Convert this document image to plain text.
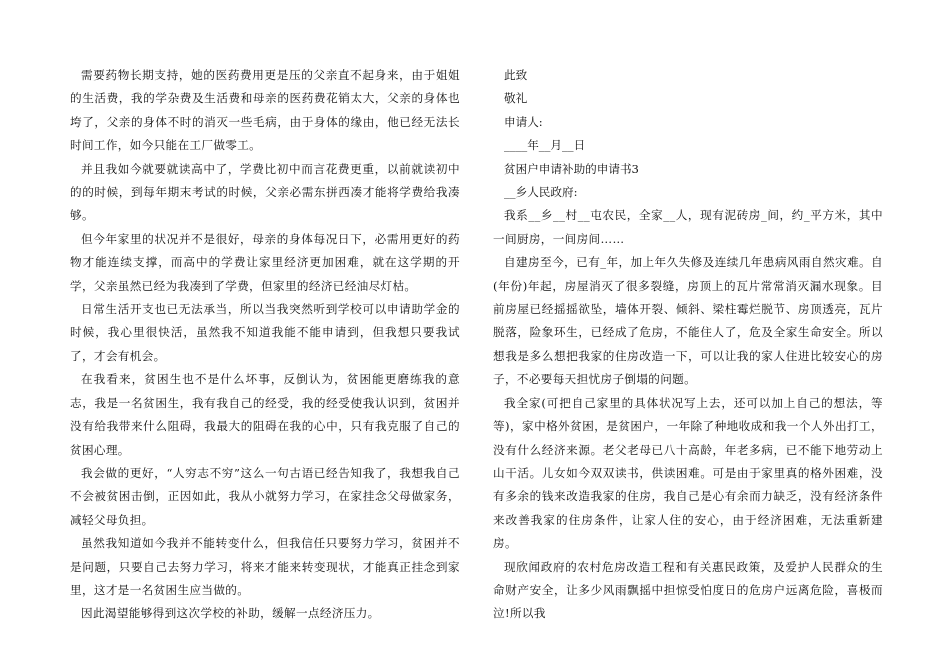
需要药物长期支持，她的医药费用更是压的父亲直不起身来，由于姐姐的生活费，我的学杂费及生活费和母亲的医药费花销太大，父亲的身体也垮了，父亲的身体不时的消灭一些毛病，由于身体的缘由，他已经无法长时间工作，如今只能在工厂做零工。

并且我如今就要就读高中了，学费比初中而言花费更重，以前就读初中的的时候，到每年期末考试的时候，父亲必需东拼西凑才能将学费给我凑够。

但今年家里的状况并不是很好，母亲的身体每况日下，必需用更好的药物才能连续支撑，而高中的学费让家里经济更加困难，就在这学期的开学，父亲虽然已经为我凑到了学费，但家里的经济已经油尽灯枯。

日常生活开支也已无法承当，所以当我突然听到学校可以申请助学金的时候，我心里很快活，虽然我不知道我能不能申请到，但我想只要我试了，才会有机会。

在我看来，贫困生也不是什么坏事，反倒认为，贫困能更磨练我的意志，我是一名贫困生，我有我自己的经受，我的经受使我认识到，贫困并没有给我带来什么阻碍，我最大的阻碍在我的心中，只有我克服了自己的贫困心理。

我会做的更好，“人穷志不穷”这么一句古语已经告知我了，我想我自己不会被贫困击倒，正因如此，我从小就努力学习，在家挂念父母做家务，减轻父母负担。

虽然我知道如今我并不能转变什么，但我信任只要努力学习，贫困并不是问题，只要自己去努力学习，将来才能来转变现状，才能真正挂念到家里，这才是一名贫困生应当做的。

因此渴望能够得到这次学校的补助，缓解一点经济压力。

此致

敬礼

申请人:

____年__月__日

贫困户申请补助的申请书3

__乡人民政府:

我系__乡__村__屯农民，全家__人，现有泥砖房_间，约_平方米，其中一间厨房，一间房间……

自建房至今，已有_年，加上年久失修及连续几年患病风雨自然灾难。自(年份)年起，房屋消灭了很多裂缝，房顶上的瓦片常常消灭漏水现象。目前房屋已经摇摇欲坠，墙体开裂、倾斜、梁柱霉烂脱节、房顶透亮，瓦片脱落，险象环生，已经成了危房，不能住人了，危及全家生命安全。所以想我是多么想把我家的住房改造一下，可以让我的家人住进比较安心的房子，不必要每天担忧房子倒塌的问题。

我全家(可把自己家里的具体状况写上去，还可以加上自己的想法，等等)，家中格外贫困，是贫困户，一年除了种地收成和我一个人外出打工，没有什么经济来源。老父老母已八十高龄，年老多病，已不能下地劳动上山干活。儿女如今双双读书，供读困难。可是由于家里真的格外困难，没有多余的钱来改造我家的住房，我自己是心有余而力缺乏，没有经济条件来改善我家的住房条件，让家人住的安心，由于经济困难，无法重新建房。

现欣闻政府的农村危房改造工程和有关惠民政策，及爱护人民群众的生命财产安全，让多少风雨飘摇中担惊受怕度日的危房户远离危险，喜极而泣!所以我
